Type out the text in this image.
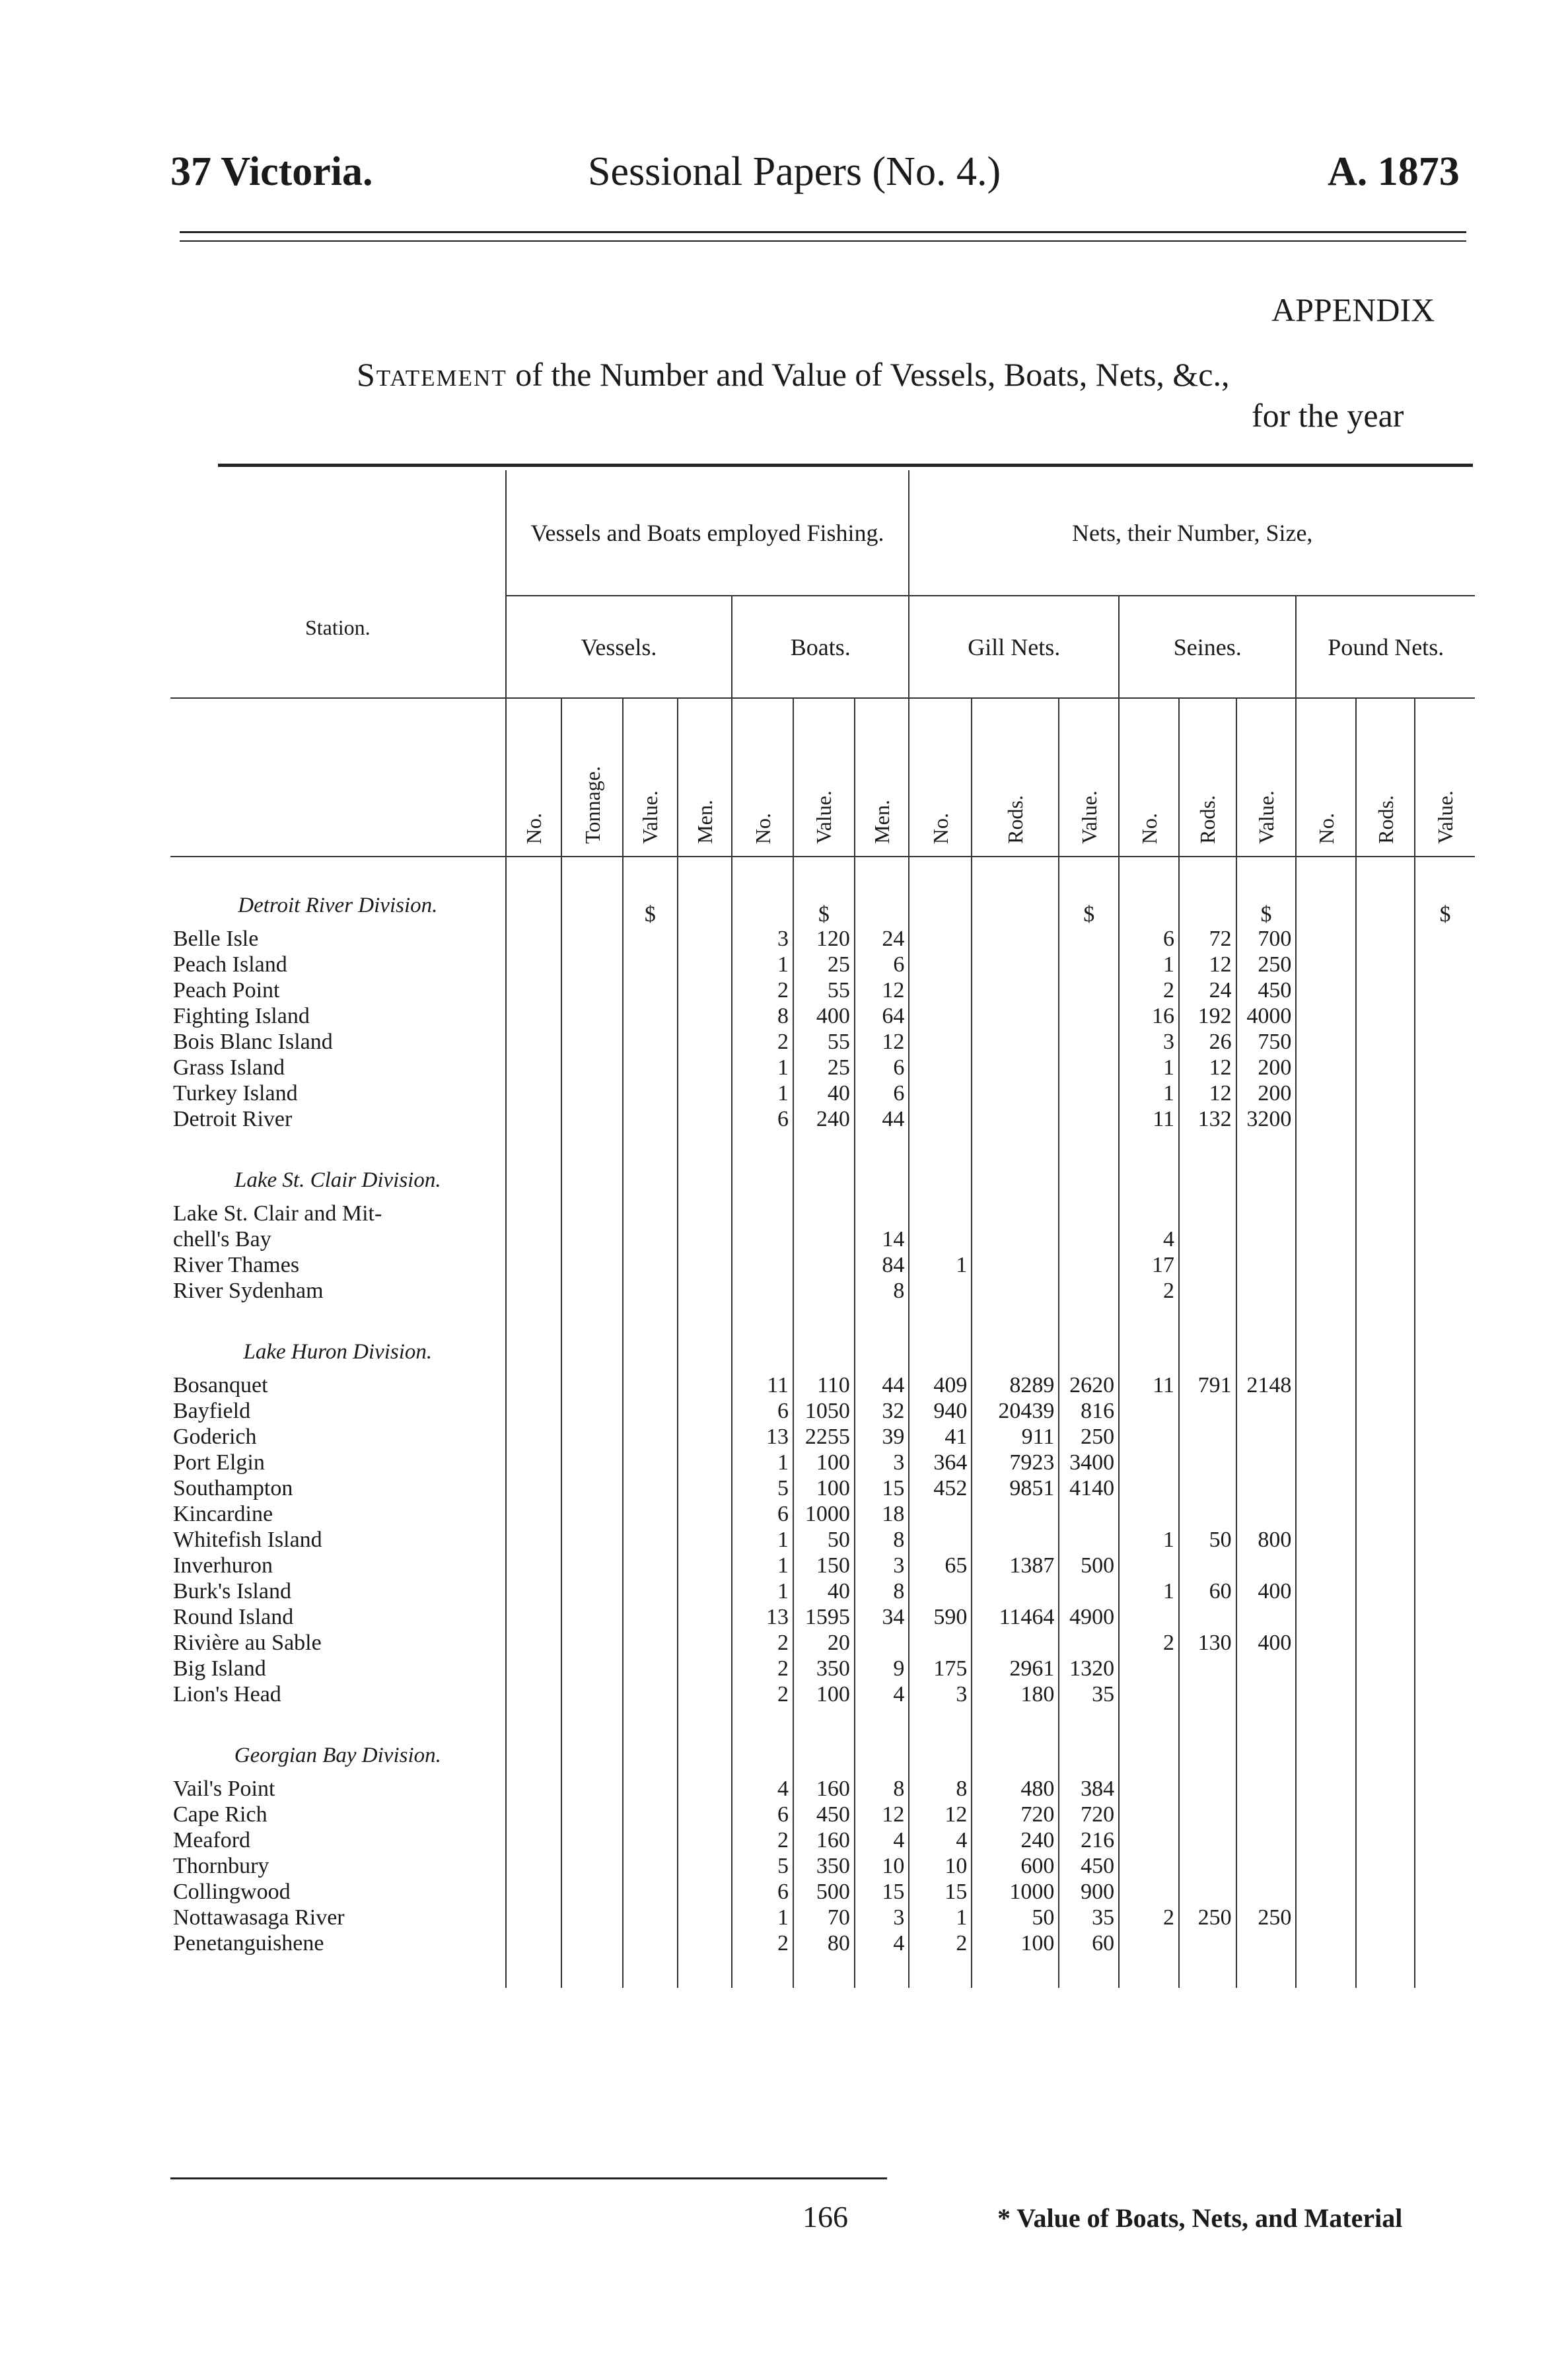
37 Victoria.	Sessional Papers (No. 4.)	A. 1873
APPENDIX
Statement of the Number and Value of Vessels, Boats, Nets, &c.,
for the year
Station.	Vessels and Boats employed Fishing.							Nets, their Number, Size,								
	Vessels.				Boats.			Gill Nets.			Seines.			Pound Nets.		

	No.	Tonnage.	Value.	Men.	No.	Value.	Men.	No.	Rods.	Value.	No.	Rods.	Value.	No.	Rods.	Value.

Detroit River Division.			$			$				$			$			$
Belle Isle					3	120	24				6	72	700			
Peach Island					1	25	6				1	12	250			
Peach Point					2	55	12				2	24	450			
Fighting Island					8	400	64				16	192	4000			
Bois Blanc Island					2	55	12				3	26	750			
Grass Island					1	25	6				1	12	200			
Turkey Island					1	40	6				1	12	200			
Detroit River					6	240	44				11	132	3200			
Lake St. Clair Division.																
Lake St. Clair and Mit-																
chell's Bay							14				4					
River Thames							84	1			17					
River Sydenham							8				2					
Lake Huron Division.																
Bosanquet					11	110	44	409	8289	2620	11	791	2148			
Bayfield					6	1050	32	940	20439	816						
Goderich					13	2255	39	41	911	250						
Port Elgin					1	100	3	364	7923	3400						
Southampton					5	100	15	452	9851	4140						
Kincardine					6	1000	18									
Whitefish Island					1	50	8				1	50	800			
Inverhuron					1	150	3	65	1387	500						
Burk's Island					1	40	8				1	60	400			
Round Island					13	1595	34	590	11464	4900						
Rivière au Sable					2	20					2	130	400			
Big Island					2	350	9	175	2961	1320						
Lion's Head					2	100	4	3	180	35						
Georgian Bay Division.																
Vail's Point					4	160	8	8	480	384						
Cape Rich					6	450	12	12	720	720						
Meaford					2	160	4	4	240	216						
Thornbury					5	350	10	10	600	450						
Collingwood					6	500	15	15	1000	900						
Nottawasaga River					1	70	3	1	50	35	2	250	250			
Penetanguishene					2	80	4	2	100	60						

166	* Value of Boats, Nets, and Material
